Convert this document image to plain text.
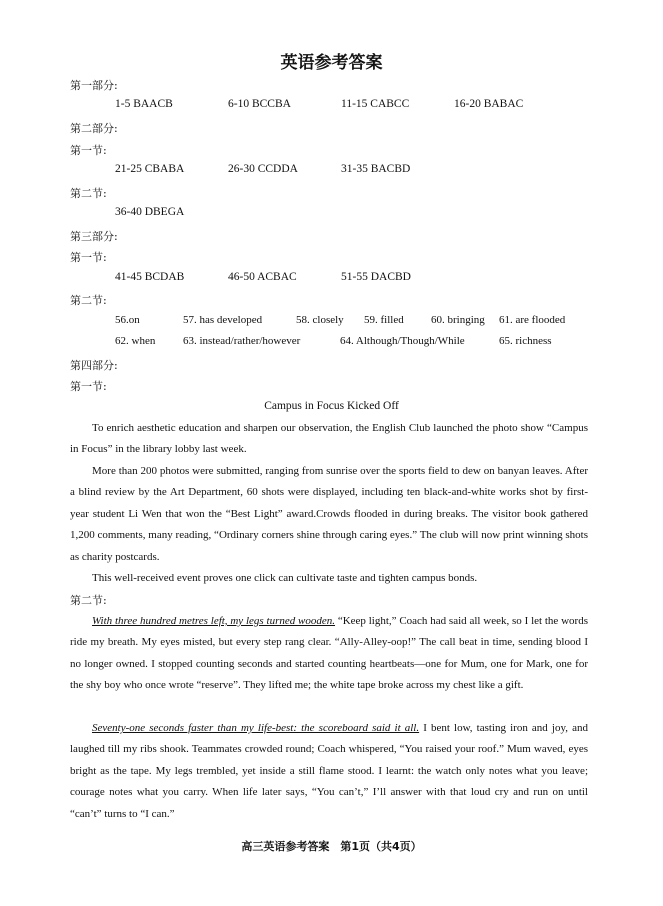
英语参考答案
第一部分:
1-5 BAACB	6-10 BCCBA	11-15 CABCC	16-20 BABAC
第二部分:
第一节:
21-25 CBABA	26-30 CCDDA	31-35 BACBD
第二节:
36-40 DBEGA
第三部分:
第一节:
41-45 BCDAB	46-50 ACBAC	51-55 DACBD
第二节:
56.on	57. has developed	58. closely 59. filled 60. bringing 61. are flooded
62. when	63. instead/rather/however	64. Although/Though/While	65. richness
第四部分:
第一节:
Campus in Focus Kicked Off

To enrich aesthetic education and sharpen our observation, the English Club launched the photo show “Campus in Focus” in the library lobby last week.

More than 200 photos were submitted, ranging from sunrise over the sports field to dew on banyan leaves. After a blind review by the Art Department, 60 shots were displayed, including ten black-and-white works shot by first-year student Li Wen that won the “Best Light” award.Crowds flooded in during breaks. The visitor book gathered 1,200 comments, many reading, “Ordinary corners shine through caring eyes.” The club will now print winning shots as charity postcards.

This well-received event proves one click can cultivate taste and tighten campus bonds.

第二节:

With three hundred metres left, my legs turned wooden. “Keep light,” Coach had said all week, so I let the words ride my breath. My eyes misted, but every step rang clear. “Ally-Alley-oop!” The call beat in time, sending blood I no longer owned. I stopped counting seconds and started counting heartbeats—one for Mum, one for Mark, one for the shy boy who once wrote “reserve”. They lifted me; the white tape broke across my chest like a gift.

Seventy-one seconds faster than my life-best: the scoreboard said it all. I bent low, tasting iron and joy, and laughed till my ribs shook. Teammates crowded round; Coach whispered, “You raised your roof.” Mum waved, eyes bright as the tape. My legs trembled, yet inside a still flame stood. I learnt: the watch only notes what you leave; courage notes what you carry. When life later says, “You can’t,” I’ll answer with that loud cry and run on until “can’t” turns to “I can.”

高三英语参考答案　第1页（共4页）
